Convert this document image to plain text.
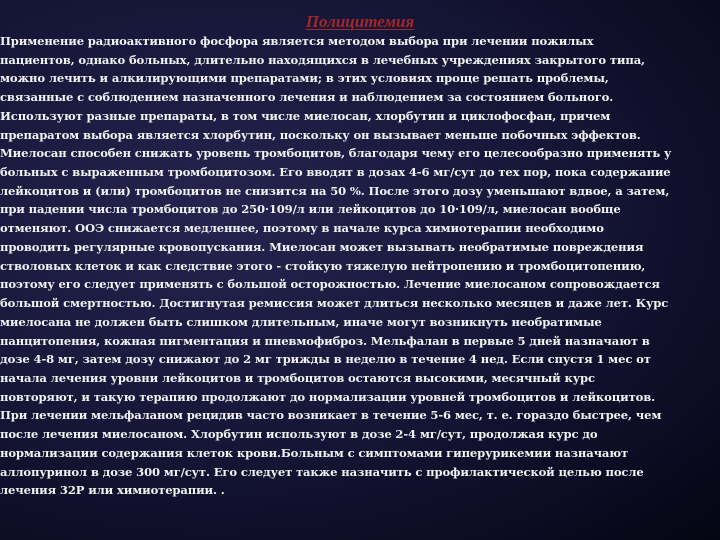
Полицитемия
Применение радиоактивного фосфора является методом выбора при лечении пожилых
пациентов, однако больных, длительно находящихся в лечебных учреждениях закрытого типа,
можно лечить и алкилирующими препаратами; в этих условиях проще решать проблемы,
связанные с соблюдением назначенного лечения и наблюдением за состоянием больного.
Используют разные препараты, в том числе миелосан, хлорбутин и циклофосфан, причем
препаратом выбора является хлорбутин, поскольку он вызывает меньше побочных эффектов.
Миелосан способен снижать уровень тромбоцитов, благодаря чему его целесообразно применять у
больных с выраженным тромбоцитозом. Его вводят в дозах 4-6 мг/сут до тех пор, пока содержание
лейкоцитов и (или) тромбоцитов не снизится на 50 %. После этого дозу уменьшают вдвое, а затем,
при падении числа тромбоцитов до 250·109/л или лейкоцитов до 10·109/л, миелосан вообще
отменяют. ООЭ снижается медленнее, поэтому в начале курса химиотерапии необходимо
проводить регулярные кровопускания. Миелосан может вызывать необратимые повреждения
стволовых клеток и как следствие этого - стойкую тяжелую нейтропению и тромбоцитопению,
поэтому его следует применять с большой осторожностью. Лечение миелосаном сопровождается
большой смертностью. Достигнутая ремиссия может длиться несколько месяцев и даже лет. Курс
миелосана не должен быть слишком длительным, иначе могут возникнуть необратимые
панцитопения, кожная пигментация и пневмофиброз. Мельфалан в первые 5 дней назначают в
дозе 4-8 мг, затем дозу снижают до 2 мг трижды в неделю в течение 4 нед. Если спустя 1 мес от
начала лечения уровни лейкоцитов и тромбоцитов остаются высокими, месячный курс
повторяют, и такую терапию продолжают до нормализации уровней тромбоцитов и лейкоцитов.
При лечении мельфаланом рецидив часто возникает в течение 5-6 мес, т. е. гораздо быстрее, чем
после лечения миелосаном. Хлорбутин используют в дозе 2-4 мг/сут, продолжая курс до
нормализации содержания клеток крови.Больным с симптомами гиперурикемии назначают
аллопуринол в дозе 300 мг/сут. Его следует также назначить с профилактической целью после
лечения 32Р или химиотерапии. .
